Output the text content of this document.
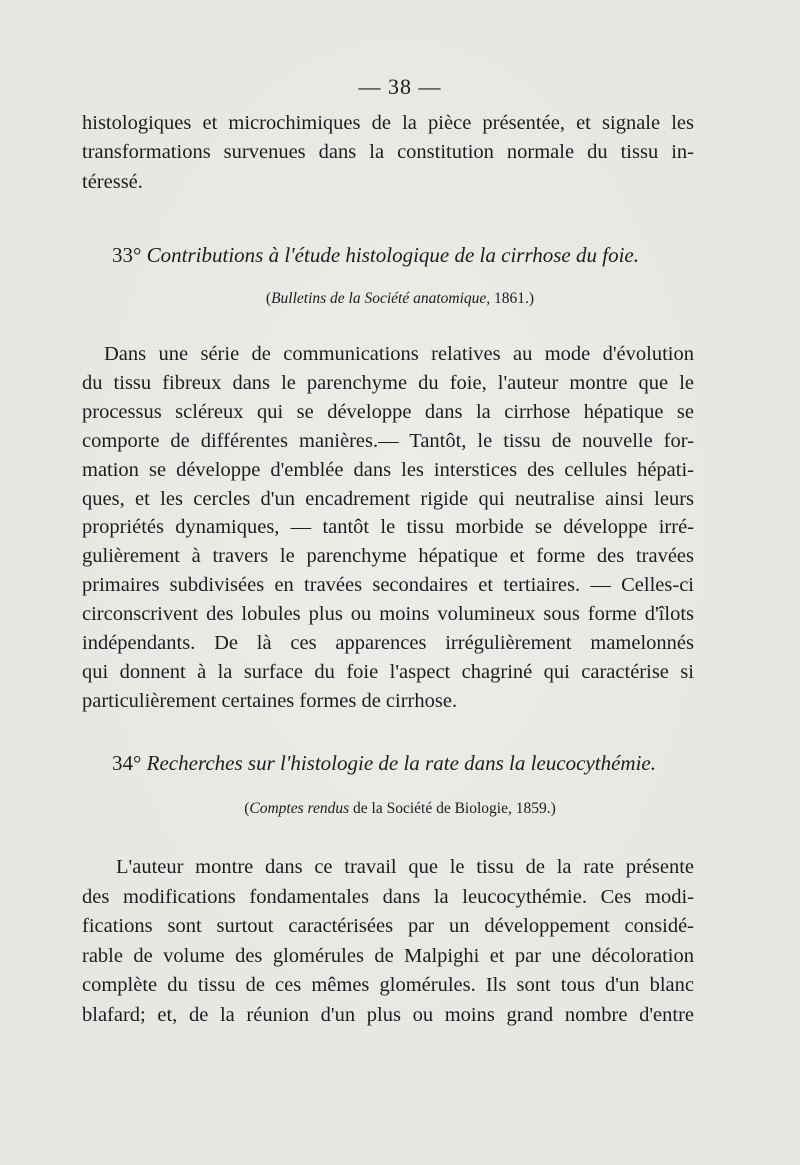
— 38 —

histologiques et microchimiques de la pièce présentée, et signale les
transformations survenues dans la constitution normale du tissu in-
téressé.

33° Contributions à l'étude histologique de la cirrhose du foie.
(Bulletins de la Société anatomique, 1861.)

Dans une série de communications relatives au mode d'évolution
du tissu fibreux dans le parenchyme du foie, l'auteur montre que le
processus scléreux qui se développe dans la cirrhose hépatique se
comporte de différentes manières.— Tantôt, le tissu de nouvelle for-
mation se développe d'emblée dans les interstices des cellules hépati-
ques, et les cercles d'un encadrement rigide qui neutralise ainsi leurs
propriétés dynamiques, — tantôt le tissu morbide se développe irré-
gulièrement à travers le parenchyme hépatique et forme des travées
primaires subdivisées en travées secondaires et tertiaires. — Celles-ci
circonscrivent des lobules plus ou moins volumineux sous forme d'îlots
indépendants. De là ces apparences irrégulièrement mamelonnés
qui donnent à la surface du foie l'aspect chagriné qui caractérise si
particulièrement certaines formes de cirrhose.

34° Recherches sur l'histologie de la rate dans la leucocythémie.
(Comptes rendus de la Société de Biologie, 1859.)

L'auteur montre dans ce travail que le tissu de la rate présente
des modifications fondamentales dans la leucocythémie. Ces modi-
fications sont surtout caractérisées par un développement considé-
rable de volume des glomérules de Malpighi et par une décoloration
complète du tissu de ces mêmes glomérules. Ils sont tous d'un blanc
blafard; et, de la réunion d'un plus ou moins grand nombre d'entre
